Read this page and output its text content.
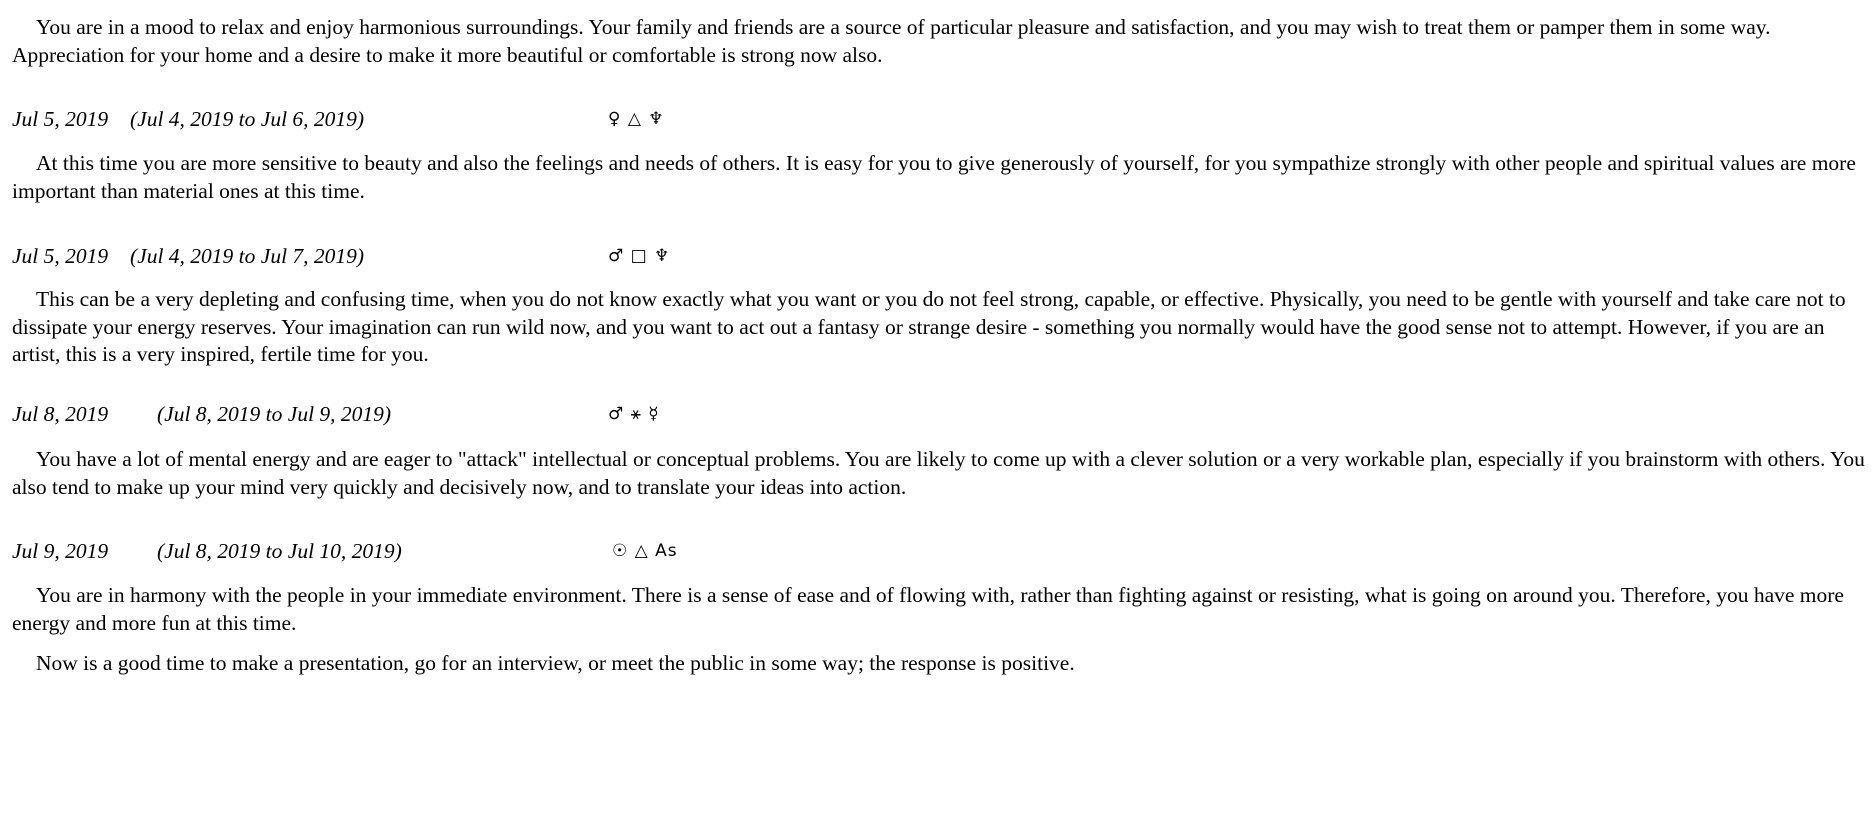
You are in a mood to relax and enjoy harmonious surroundings. Your family and friends are a source of particular pleasure and satisfaction, and you may wish to treat them or pamper them in some way. Appreciation for your home and a desire to make it more beautiful or comfortable is strong now also.

Jul 5, 2019 (Jul 4, 2019 to Jul 6, 2019)	♀ △ ♆

At this time you are more sensitive to beauty and also the feelings and needs of others. It is easy for you to give generously of yourself, for you sympathize strongly with other people and spiritual values are more important than material ones at this time.

Jul 5, 2019 (Jul 4, 2019 to Jul 7, 2019)	♂ □ ♆

This can be a very depleting and confusing time, when you do not know exactly what you want or you do not feel strong, capable, or effective. Physically, you need to be gentle with yourself and take care not to dissipate your energy reserves. Your imagination can run wild now, and you want to act out a fantasy or strange desire - something you normally would have the good sense not to attempt. However, if you are an artist, this is a very inspired, fertile time for you.

Jul 8, 2019 (Jul 8, 2019 to Jul 9, 2019)	♂ ⚹ ☿

You have a lot of mental energy and are eager to "attack" intellectual or conceptual problems. You are likely to come up with a clever solution or a very workable plan, especially if you brainstorm with others. You also tend to make up your mind very quickly and decisively now, and to translate your ideas into action.

Jul 9, 2019 (Jul 8, 2019 to Jul 10, 2019)	☉ △ As

You are in harmony with the people in your immediate environment. There is a sense of ease and of flowing with, rather than fighting against or resisting, what is going on around you. Therefore, you have more energy and more fun at this time.

Now is a good time to make a presentation, go for an interview, or meet the public in some way; the response is positive.
